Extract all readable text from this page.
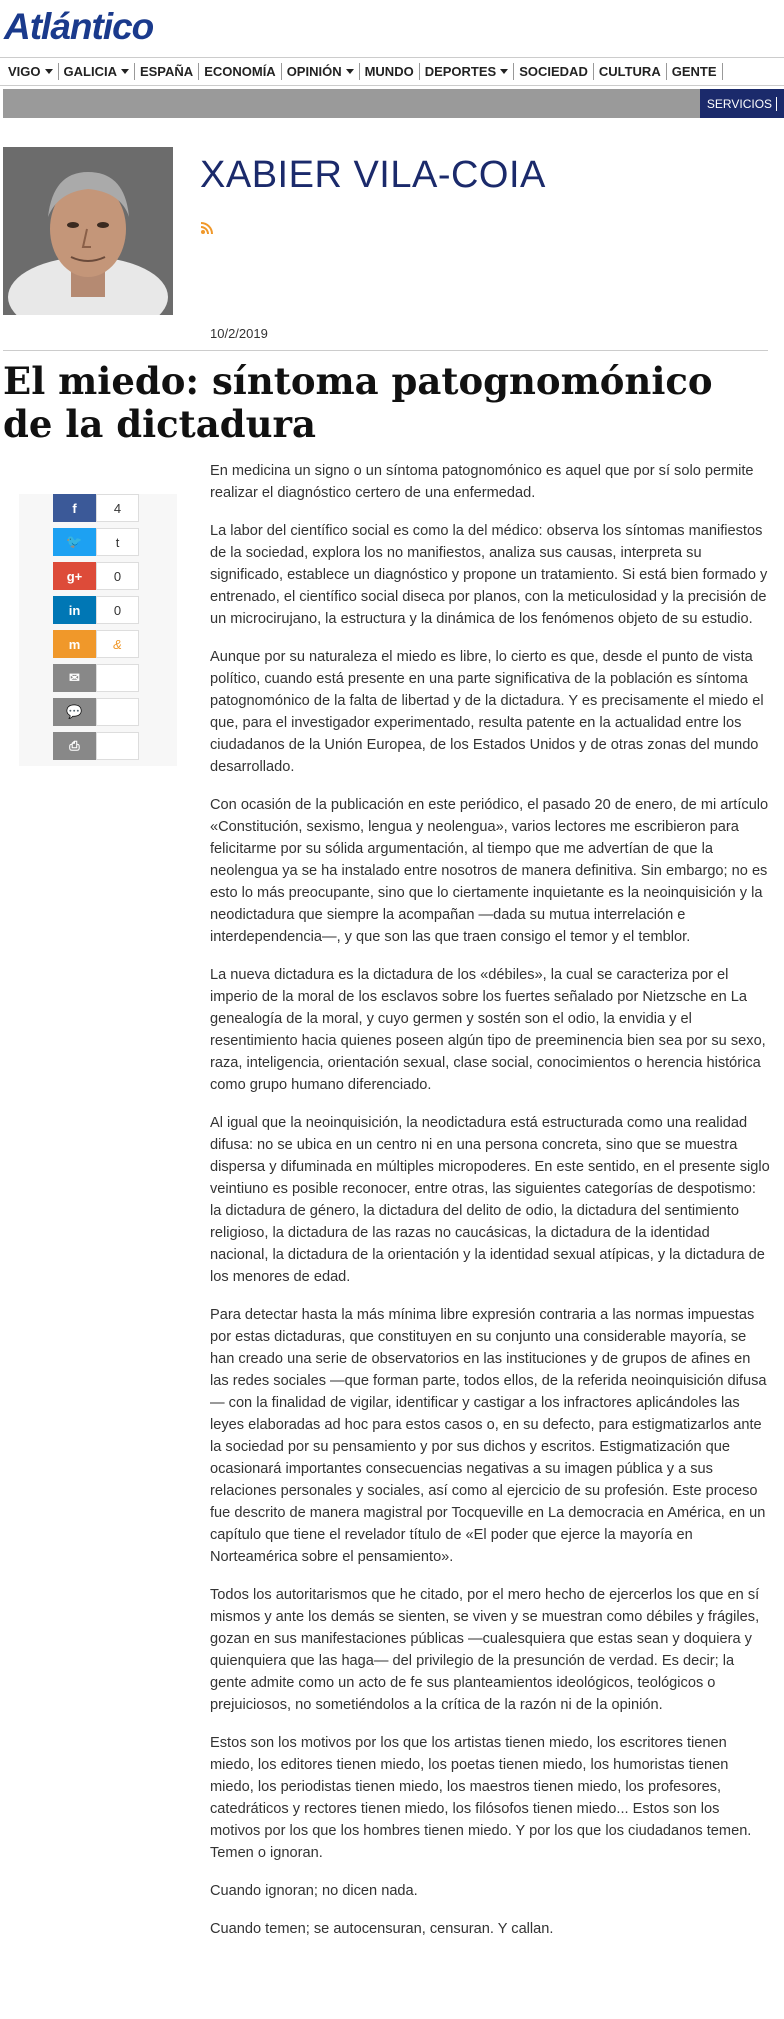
Atlántico
VIGO GALICIA ESPAÑA ECONOMÍA OPINIÓN MUNDO DEPORTES SOCIEDAD CULTURA GENTE
SERVICIOS
XABIER VILA-COIA
10/2/2019
El miedo: síntoma patognomónico de la dictadura
f	4
🐦	t
g+	0
in	0
m	&
✉
💬
⎙

En medicina un signo o un síntoma patognomónico es aquel que por sí solo permite realizar el diagnóstico certero de una enfermedad.

La labor del científico social es como la del médico: observa los síntomas manifiestos de la sociedad, explora los no manifiestos, analiza sus causas, interpreta su significado, establece un diagnóstico y propone un tratamiento. Si está bien formado y entrenado, el científico social diseca por planos, con la meticulosidad y la precisión de un microcirujano, la estructura y la dinámica de los fenómenos objeto de su estudio.

Aunque por su naturaleza el miedo es libre, lo cierto es que, desde el punto de vista político, cuando está presente en una parte significativa de la población es síntoma patognomónico de la falta de libertad y de la dictadura. Y es precisamente el miedo el que, para el investigador experimentado, resulta patente en la actualidad entre los ciudadanos de la Unión Europea, de los Estados Unidos y de otras zonas del mundo desarrollado.

Con ocasión de la publicación en este periódico, el pasado 20 de enero, de mi artículo «Constitución, sexismo, lengua y neolengua», varios lectores me escribieron para felicitarme por su sólida argumentación, al tiempo que me advertían de que la neolengua ya se ha instalado entre nosotros de manera definitiva. Sin embargo; no es esto lo más preocupante, sino que lo ciertamente inquietante es la neoinquisición y la neodictadura que siempre la acompañan —dada su mutua interrelación e interdependencia—, y que son las que traen consigo el temor y el temblor.

La nueva dictadura es la dictadura de los «débiles», la cual se caracteriza por el imperio de la moral de los esclavos sobre los fuertes señalado por Nietzsche en La genealogía de la moral, y cuyo germen y sostén son el odio, la envidia y el resentimiento hacia quienes poseen algún tipo de preeminencia bien sea por su sexo, raza, inteligencia, orientación sexual, clase social, conocimientos o herencia histórica como grupo humano diferenciado.

Al igual que la neoinquisición, la neodictadura está estructurada como una realidad difusa: no se ubica en un centro ni en una persona concreta, sino que se muestra dispersa y difuminada en múltiples micropoderes. En este sentido, en el presente siglo veintiuno es posible reconocer, entre otras, las siguientes categorías de despotismo: la dictadura de género, la dictadura del delito de odio, la dictadura del sentimiento religioso, la dictadura de las razas no caucásicas, la dictadura de la identidad nacional, la dictadura de la orientación y la identidad sexual atípicas, y la dictadura de los menores de edad.

Para detectar hasta la más mínima libre expresión contraria a las normas impuestas por estas dictaduras, que constituyen en su conjunto una considerable mayoría, se han creado una serie de observatorios en las instituciones y de grupos de afines en las redes sociales —que forman parte, todos ellos, de la referida neoinquisición difusa— con la finalidad de vigilar, identificar y castigar a los infractores aplicándoles las leyes elaboradas ad hoc para estos casos o, en su defecto, para estigmatizarlos ante la sociedad por su pensamiento y por sus dichos y escritos. Estigmatización que ocasionará importantes consecuencias negativas a su imagen pública y a sus relaciones personales y sociales, así como al ejercicio de su profesión. Este proceso fue descrito de manera magistral por Tocqueville en La democracia en América, en un capítulo que tiene el revelador título de «El poder que ejerce la mayoría en Norteamérica sobre el pensamiento».

Todos los autoritarismos que he citado, por el mero hecho de ejercerlos los que en sí mismos y ante los demás se sienten, se viven y se muestran como débiles y frágiles, gozan en sus manifestaciones públicas —cualesquiera que estas sean y doquiera y quienquiera que las haga— del privilegio de la presunción de verdad. Es decir; la gente admite como un acto de fe sus planteamientos ideológicos, teológicos o prejuiciosos, no sometiéndolos a la crítica de la razón ni de la opinión.

Estos son los motivos por los que los artistas tienen miedo, los escritores tienen miedo, los editores tienen miedo, los poetas tienen miedo, los humoristas tienen miedo, los periodistas tienen miedo, los maestros tienen miedo, los profesores, catedráticos y rectores tienen miedo, los filósofos tienen miedo... Estos son los motivos por los que los hombres tienen miedo. Y por los que los ciudadanos temen. Temen o ignoran.

Cuando ignoran; no dicen nada.

Cuando temen; se autocensuran, censuran. Y callan.
